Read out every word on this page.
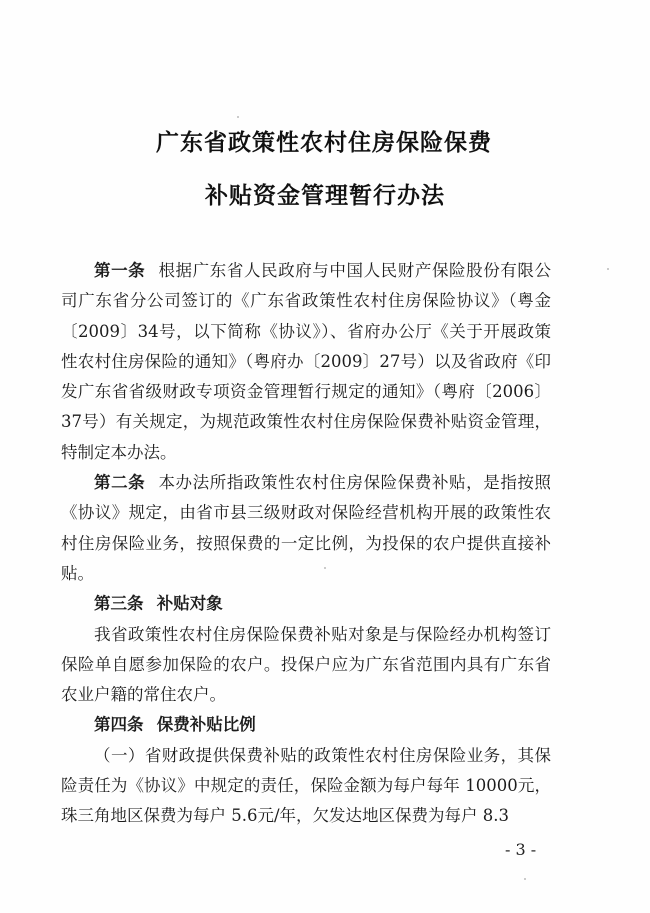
广东省政策性农村住房保险保费
补贴资金管理暂行办法

第一条 根据广东省人民政府与中国人民财产保险股份有限公司广东省分公司签订的《广东省政策性农村住房保险协议》（粤金〔2009〕34号，以下简称《协议》）、省府办公厅《关于开展政策性农村住房保险的通知》（粤府办〔2009〕27号）以及省政府《印发广东省省级财政专项资金管理暂行规定的通知》（粤府〔2006〕37号）有关规定，为规范政策性农村住房保险保费补贴资金管理，特制定本办法。

第二条 本办法所指政策性农村住房保险保费补贴，是指按照《协议》规定，由省市县三级财政对保险经营机构开展的政策性农村住房保险业务，按照保费的一定比例，为投保的农户提供直接补贴。

第三条 补贴对象

我省政策性农村住房保险保费补贴对象是与保险经办机构签订保险单自愿参加保险的农户。投保户应为广东省范围内具有广东省农业户籍的常住农户。

第四条 保费补贴比例

（一）省财政提供保费补贴的政策性农村住房保险业务，其保险责任为《协议》中规定的责任，保险金额为每户每年 10000元，珠三角地区保费为每户 5.6元/年，欠发达地区保费为每户 8.3

- 3 -
